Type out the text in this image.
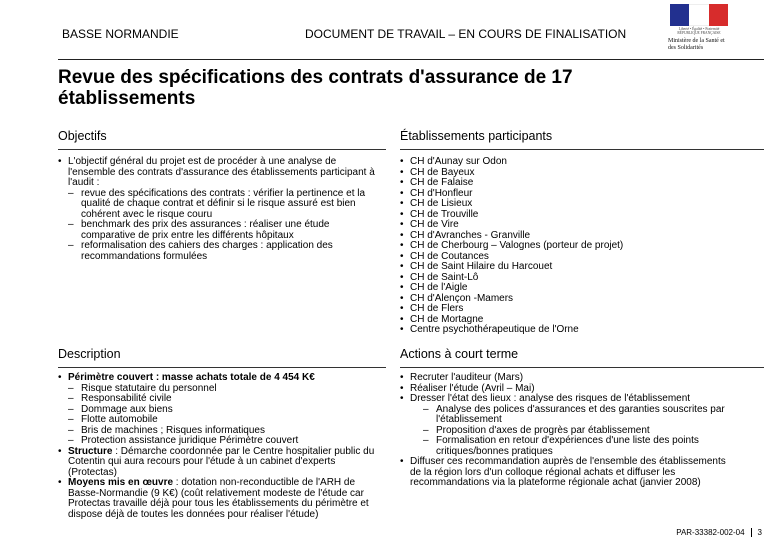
BASSE NORMANDIE	DOCUMENT DE TRAVAIL – EN COURS DE FINALISATION	Liberté • Égalité • Fraternité RÉPUBLIQUE FRANÇAISE
Ministère de la Santé et des Solidarités
Revue des spécifications des contrats d'assurance de 17 établissements
Objectifs

• L'objectif général du projet est de procéder à une analyse de l'ensemble des contrats d'assurance des établissements participant à l'audit :

– revue des spécifications des contrats : vérifier la pertinence et la qualité de chaque contrat et définir si le risque assuré est bien cohérent avec le risque couru

– benchmark des prix des assurances : réaliser une étude comparative de prix entre les différents hôpitaux

– reformalisation des cahiers des charges : application des recommandations formulées

Établissements participants

• CH d'Aunay sur Odon

• CH de Bayeux

• CH de Falaise

• CH d'Honfleur

• CH de Lisieux

• CH de Trouville

• CH de Vire

• CH d'Avranches - Granville

• CH de Cherbourg – Valognes (porteur de projet)

• CH de Coutances

• CH de Saint Hilaire du Harcouet

• CH de Saint-Lô

• CH de l'Aigle

• CH d'Alençon -Mamers

• CH de Flers

• CH de Mortagne

• Centre psychothérapeutique de l'Orne

Description

• Périmètre couvert : masse achats totale de 4 454 K€

– Risque statutaire du personnel

– Responsabilité civile

– Dommage aux biens

– Flotte automobile

– Bris de machines ; Risques informatiques

– Protection assistance juridique Périmètre couvert

• Structure : Démarche coordonnée par le Centre hospitalier public du Cotentin qui aura recours pour l'étude à un cabinet d'experts (Protectas)

• Moyens mis en œuvre : dotation non-reconductible de l'ARH de Basse-Normandie (9 K€) (coût relativement modeste de l'étude car Protectas travaille déjà pour tous les établissements du périmètre et dispose déjà de toutes les données pour réaliser l'étude)

Actions à court terme

• Recruter l'auditeur (Mars)

• Réaliser l'étude (Avril – Mai)

• Dresser l'état des lieux : analyse des risques de l'établissement

– Analyse des polices d'assurances et des garanties souscrites par l'établissement

– Proposition d'axes de progrès par établissement

– Formalisation en retour d'expériences d'une liste des points critiques/bonnes pratiques

• Diffuser ces recommandation auprès de l'ensemble des établissements de la région lors d'un colloque régional achats et diffuser les recommandations via la plateforme régionale achat (janvier 2008)

PAR-33382-002-04 3
